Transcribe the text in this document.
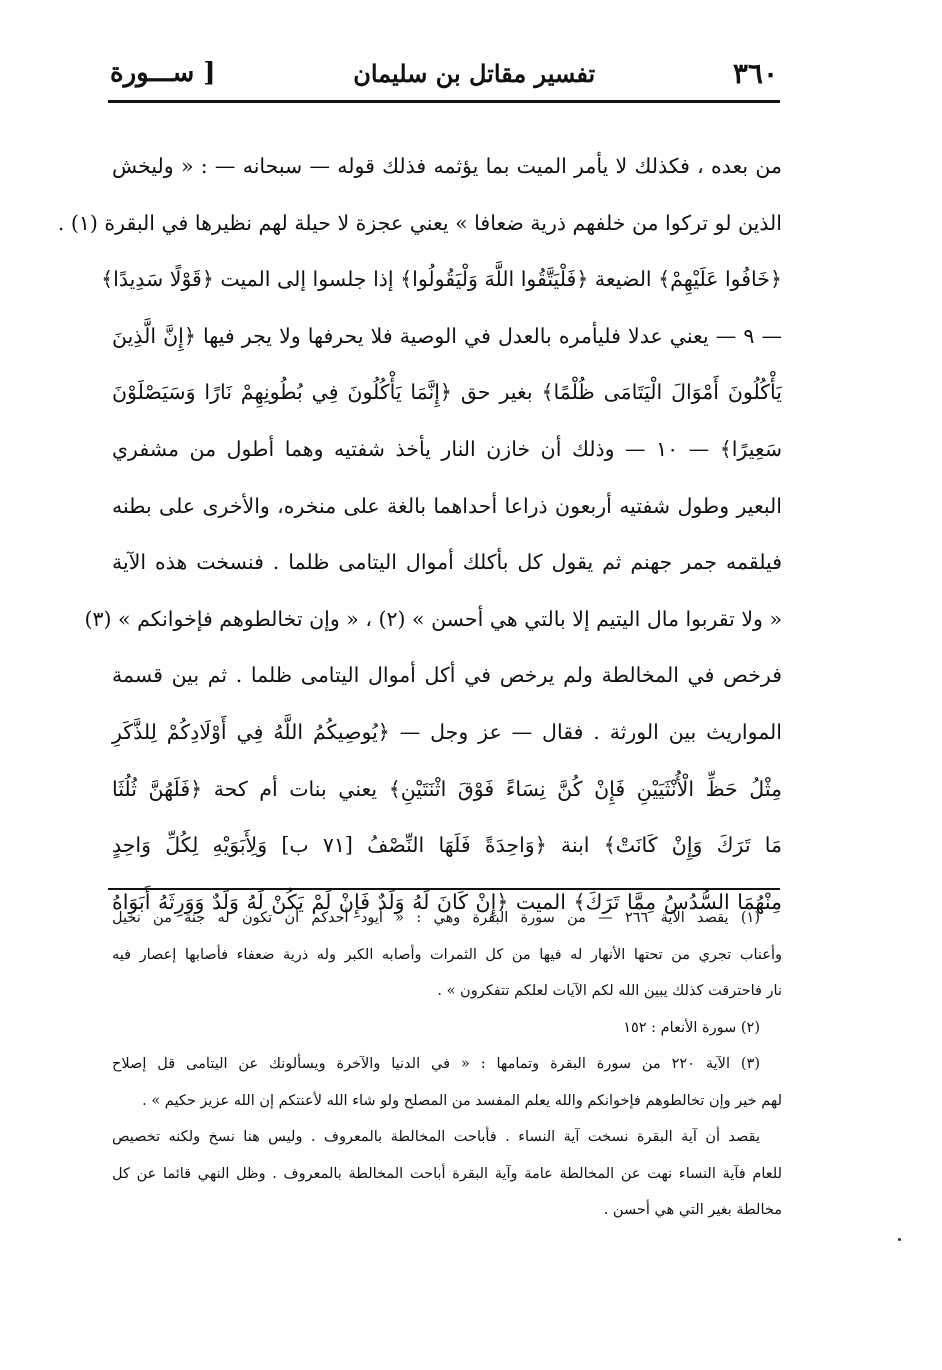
[ ســـورة	تفسير مقاتل بن سليمان	٣٦٠
من بعده ، فكذلك لا يأمر الميت بما يؤثمه فذلك قوله — سبحانه — : « وليخش
الذين لو تركوا من خلفهم ذرية ضعافا » يعني عجزة لا حيلة لهم نظيرها في البقرة (١) .
﴿خَافُوا عَلَيْهِمْ﴾ الضيعة ﴿فَلْيَتَّقُوا اللَّهَ وَلْيَقُولُوا﴾ إذا جلسوا إلى الميت ﴿قَوْلًا سَدِيدًا﴾
— ٩ — يعني عدلا فليأمره بالعدل في الوصية فلا يحرفها ولا يجر فيها ﴿إِنَّ الَّذِينَ
يَأْكُلُونَ أَمْوَالَ الْيَتَامَى ظُلْمًا﴾ بغير حق ﴿إِنَّمَا يَأْكُلُونَ فِي بُطُونِهِمْ نَارًا وَسَيَصْلَوْنَ
سَعِيرًا﴾ — ١٠ — وذلك أن خازن النار يأخذ شفتيه وهما أطول من مشفري
البعير وطول شفتيه أربعون ذراعا أحداهما بالغة على منخره، والأخرى على بطنه
فيلقمه جمر جهنم ثم يقول كل بأكلك أموال اليتامى ظلما . فنسخت هذه الآية
« ولا تقربوا مال اليتيم إلا بالتي هي أحسن » (٢) ، « وإن تخالطوهم فإخوانكم » (٣)
فرخص في المخالطة ولم يرخص في أكل أموال اليتامى ظلما . ثم بين قسمة
المواريث بين الورثة . فقال — عز وجل — ﴿يُوصِيكُمُ اللَّهُ فِي أَوْلَادِكُمْ لِلذَّكَرِ
مِثْلُ حَظِّ الْأُنْثَيَيْنِ فَإِنْ كُنَّ نِسَاءً فَوْقَ اثْنَتَيْنِ﴾ يعني بنات أم كحة ﴿فَلَهُنَّ ثُلُثَا
مَا تَرَكَ وَإِنْ كَانَتْ﴾ ابنة ﴿وَاحِدَةً فَلَهَا النِّصْفُ [٧١ ب] وَلِأَبَوَيْهِ لِكُلِّ وَاحِدٍ
مِنْهُمَا السُّدُسُ مِمَّا تَرَكَ﴾ الميت ﴿إِنْ كَانَ لَهُ وَلَدٌ فَإِنْ لَمْ يَكُنْ لَهُ وَلَدٌ وَوَرِثَهُ أَبَوَاهُ
(١) يقصد الآية ٢٦٦ — من سورة البقرة وهي : « أيود أحدكم أن تكون له جنة من نخيل
وأعناب تجري من تحتها الأنهار له فيها من كل الثمرات وأصابه الكبر وله ذرية ضعفاء فأصابها إعصار فيه
نار فاحترقت كذلك يبين الله لكم الآيات لعلكم تتفكرون » .
(٢) سورة الأنعام : ١٥٢
(٣) الآية ٢٢٠ من سورة البقرة وتمامها : « في الدنيا والآخرة ويسألونك عن اليتامى قل إصلاح
لهم خير وإن تخالطوهم فإخوانكم والله يعلم المفسد من المصلح ولو شاء الله لأعنتكم إن الله عزيز حكيم » .
يقصد أن آية البقرة نسخت آية النساء . فأباحت المخالطة بالمعروف . وليس هنا نسخ ولكنه تخصيص
للعام فآية النساء نهت عن المخالطة عامة وآية البقرة أباحت المخالطة بالمعروف . وظل النهي قائما عن كل
مخالطة بغير التي هي أحسن .
